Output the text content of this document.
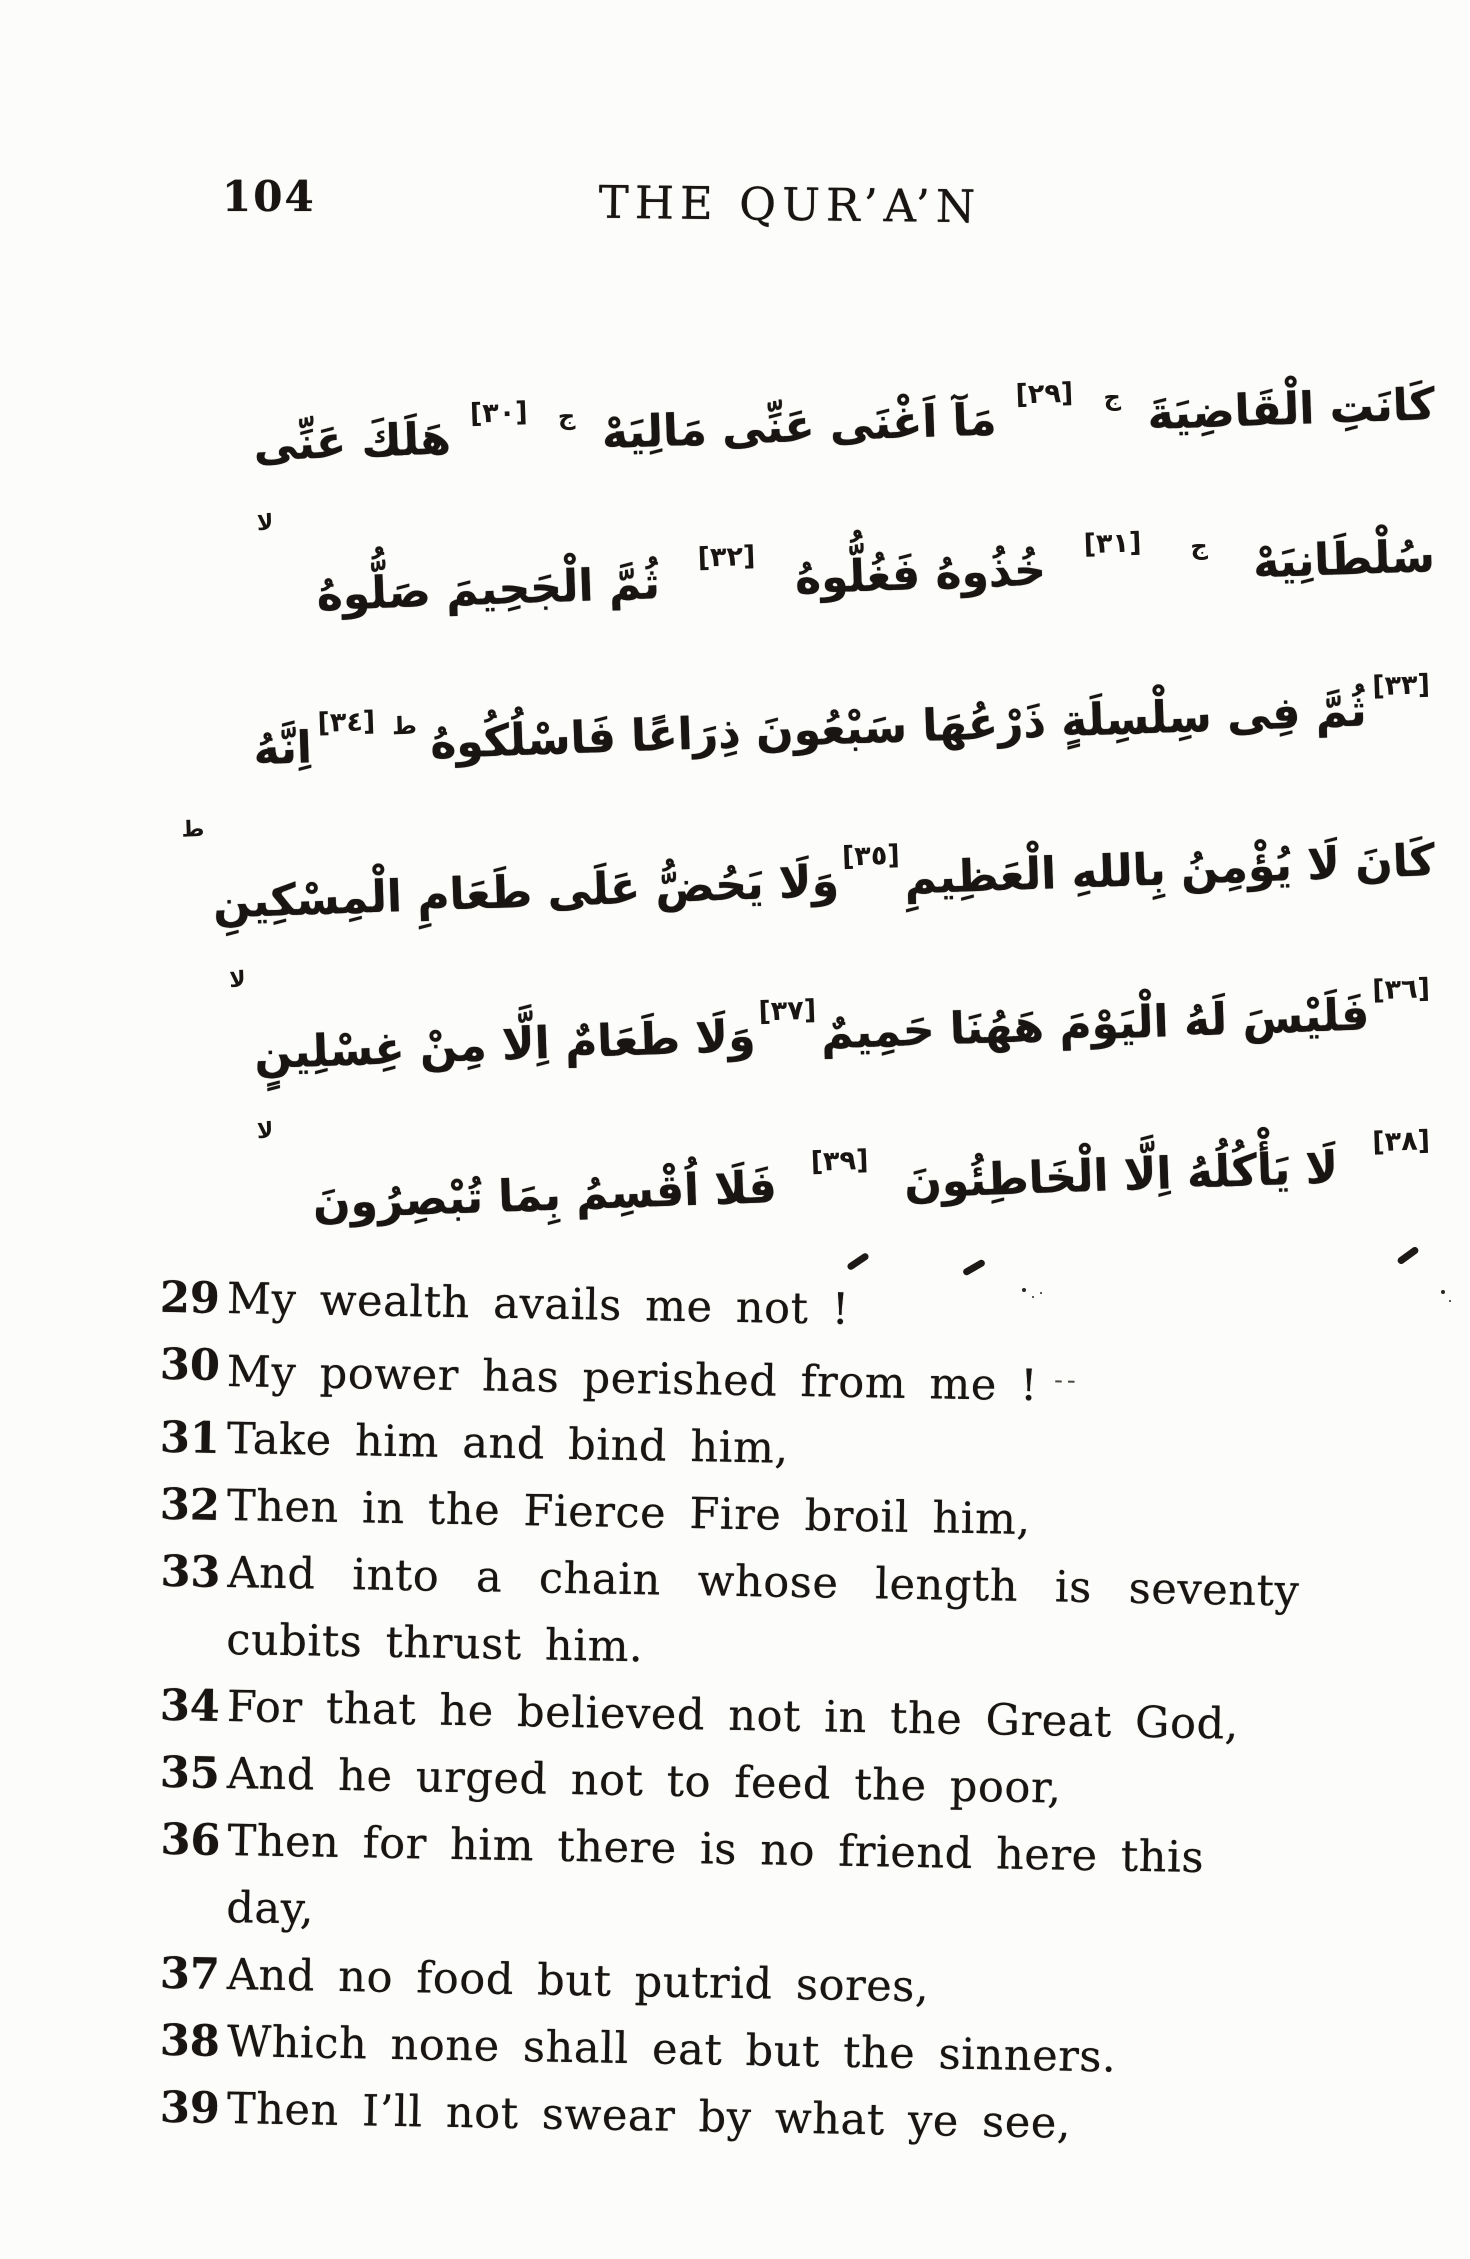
104	THE QUR’A’N
كَانَتِ الْقَاضِيَةَ
ج
[٢٩]
مَآ اَغْنَى عَنِّى مَالِيَهْ
ج
[٣٠]
هَلَكَ عَنِّى
سُلْطَانِيَهْ
ج
[٣١]
خُذُوهُ فَغُلُّوهُ
[٣٢]
ثُمَّ الْجَحِيمَ صَلُّوهُ
لا
[٣٣]
ثُمَّ فِى سِلْسِلَةٍ ذَرْعُهَا سَبْعُونَ ذِرَاعًا فَاسْلُكُوهُ
ط
[٣٤]
اِنَّهُ
كَانَ لَا يُؤْمِنُ بِاللهِ الْعَظِيمِ
[٣٥]
وَلَا يَحُضُّ عَلَى طَعَامِ الْمِسْكِينِ
ط
[٣٦]
فَلَيْسَ لَهُ الْيَوْمَ هَهُنَا حَمِيمٌ
[٣٧]
وَلَا طَعَامٌ اِلَّا مِنْ غِسْلِينٍ
لا
[٣٨]
لَا يَأْكُلُهُ اِلَّا الْخَاطِئُونَ
[٣٩]
فَلَا اُقْسِمُ بِمَا تُبْصِرُونَ
لا
29 My wealth avails me not !
30 My power has perished from me ! --
31 Take him and bind him,
32 Then in the Fierce Fire broil him,
33 And into a chain whose length is seventy
cubits thrust him.
34 For that he believed not in the Great God,
35 And he urged not to feed the poor,
36 Then for him there is no friend here this day,
37 And no food but putrid sores,
38 Which none shall eat but the sinners.
39 Then I’ll not swear by what ye see,
